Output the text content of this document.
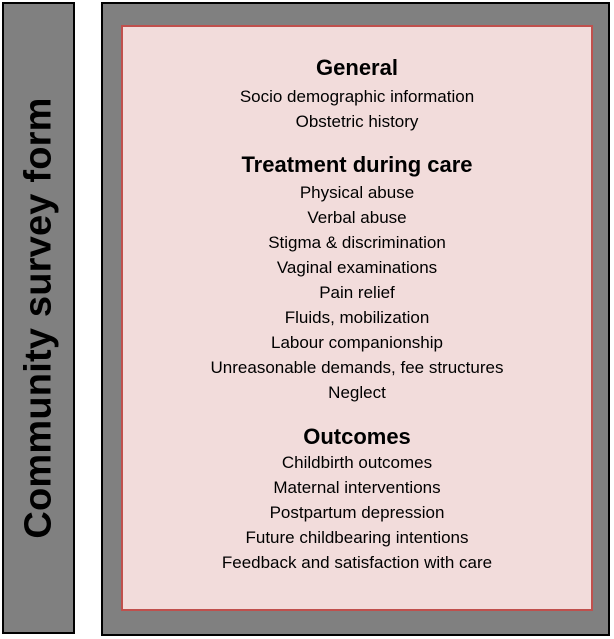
Community survey form
General
Socio demographic information
Obstetric history
Treatment during care
Physical abuse
Verbal abuse
Stigma & discrimination
Vaginal examinations
Pain relief
Fluids, mobilization
Labour companionship
Unreasonable demands, fee structures
Neglect
Outcomes
Childbirth outcomes
Maternal interventions
Postpartum depression
Future childbearing intentions
Feedback and satisfaction with care
